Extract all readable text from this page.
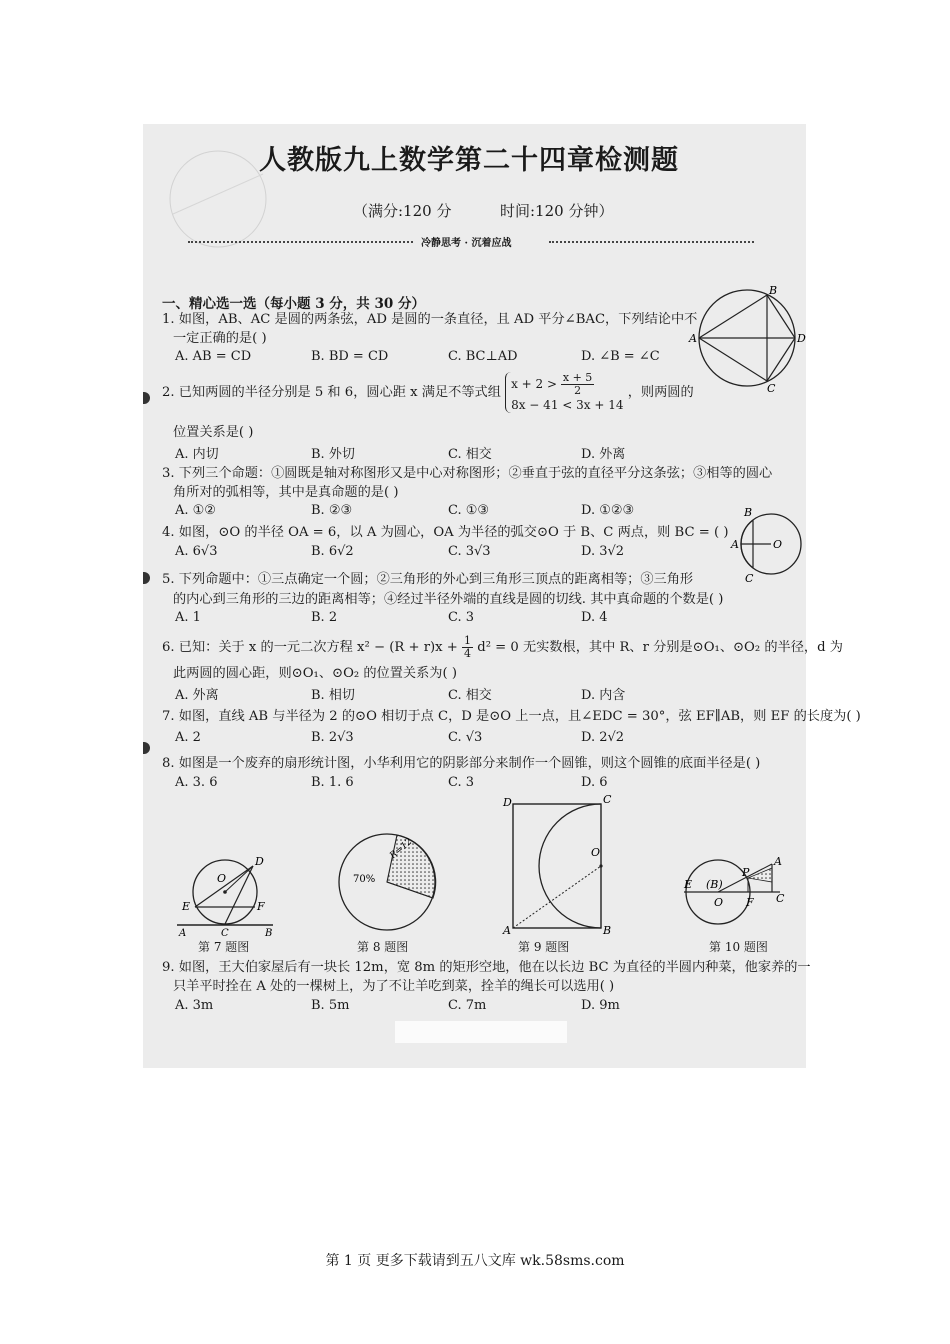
人教版九上数学第二十四章检测题
（满分:120 分	时间:120 分钟）
冷静思考 · 沉着应战
一、精心选一选（每小题 3 分，共 30 分）
1. 如图，AB、AC 是圆的两条弦，AD 是圆的一条直径，且 AD 平分∠BAC，下列结论中不
一定正确的是( )
A. AB = CD	B. BD = CD	C. BC⊥AD	D. ∠B = ∠C
A
B
C
D
2. 已知两圆的半径分别是 5 和 6，圆心距 x 满足不等式组
$x + 2 > \frac{x + 5}{2}$
8x − 41 < 3x + 14
，则两圆的
位置关系是( )
A. 内切	B. 外切	C. 相交	D. 外离
3. 下列三个命题：①圆既是轴对称图形又是中心对称图形；②垂直于弦的直径平分这条弦；③相等的圆心
角所对的弧相等，其中是真命题的是( )
A. ①②	B. ②③	C. ①③	D. ①②③
4. 如图，⊙O 的半径 OA = 6，以 A 为圆心，OA 为半径的弧交⊙O 于 B、C 两点，则 BC = ( )
A. 6√3	B. 6√2	C. 3√3	D. 3√2
B
A
C
O
5. 下列命题中：①三点确定一个圆；②三角形的外心到三角形三顶点的距离相等；③三角形
的内心到三角形的三边的距离相等；④经过半径外端的直线是圆的切线. 其中真命题的个数是( )
A. 1	B. 2	C. 3	D. 4
6. 已知：关于 x 的一元二次方程 $x^2 - (R + r)x + \frac{1}{4} d^2 = 0$ 无实数根，其中 R、r 分别是⊙O₁、⊙O₂ 的半径，d 为
此两圆的圆心距，则⊙O₁、⊙O₂ 的位置关系为( )
A. 外离	B. 相切	C. 相交	D. 内含
7. 如图，直线 AB 与半径为 2 的⊙O 相切于点 C，D 是⊙O 上一点，且∠EDC = 30°，弦 EF∥AB，则 EF 的长度为( )
A. 2	B. 2√3	C. √3	D. 2√2
8. 如图是一个废弃的扇形统计图，小华利用它的阴影部分来制作一个圆锥，则这个圆锥的底面半径是( )
A. 3. 6	B. 1. 6	C. 3	D. 6
O
D
E	F
A	C	B
第 7 题图
R=12
70%
第 8 题图
D	C
O
A	B
第 9 题图
A
P
E (B)
O F C
第 10 题图
9. 如图，王大伯家屋后有一块长 12m，宽 8m 的矩形空地，他在以长边 BC 为直径的半圆内种菜，他家养的一
只羊平时拴在 A 处的一棵树上，为了不让羊吃到菜，拴羊的绳长可以选用( )
A. 3m	B. 5m	C. 7m	D. 9m
第 1 页 更多下载请到五八文库 wk.58sms.com
